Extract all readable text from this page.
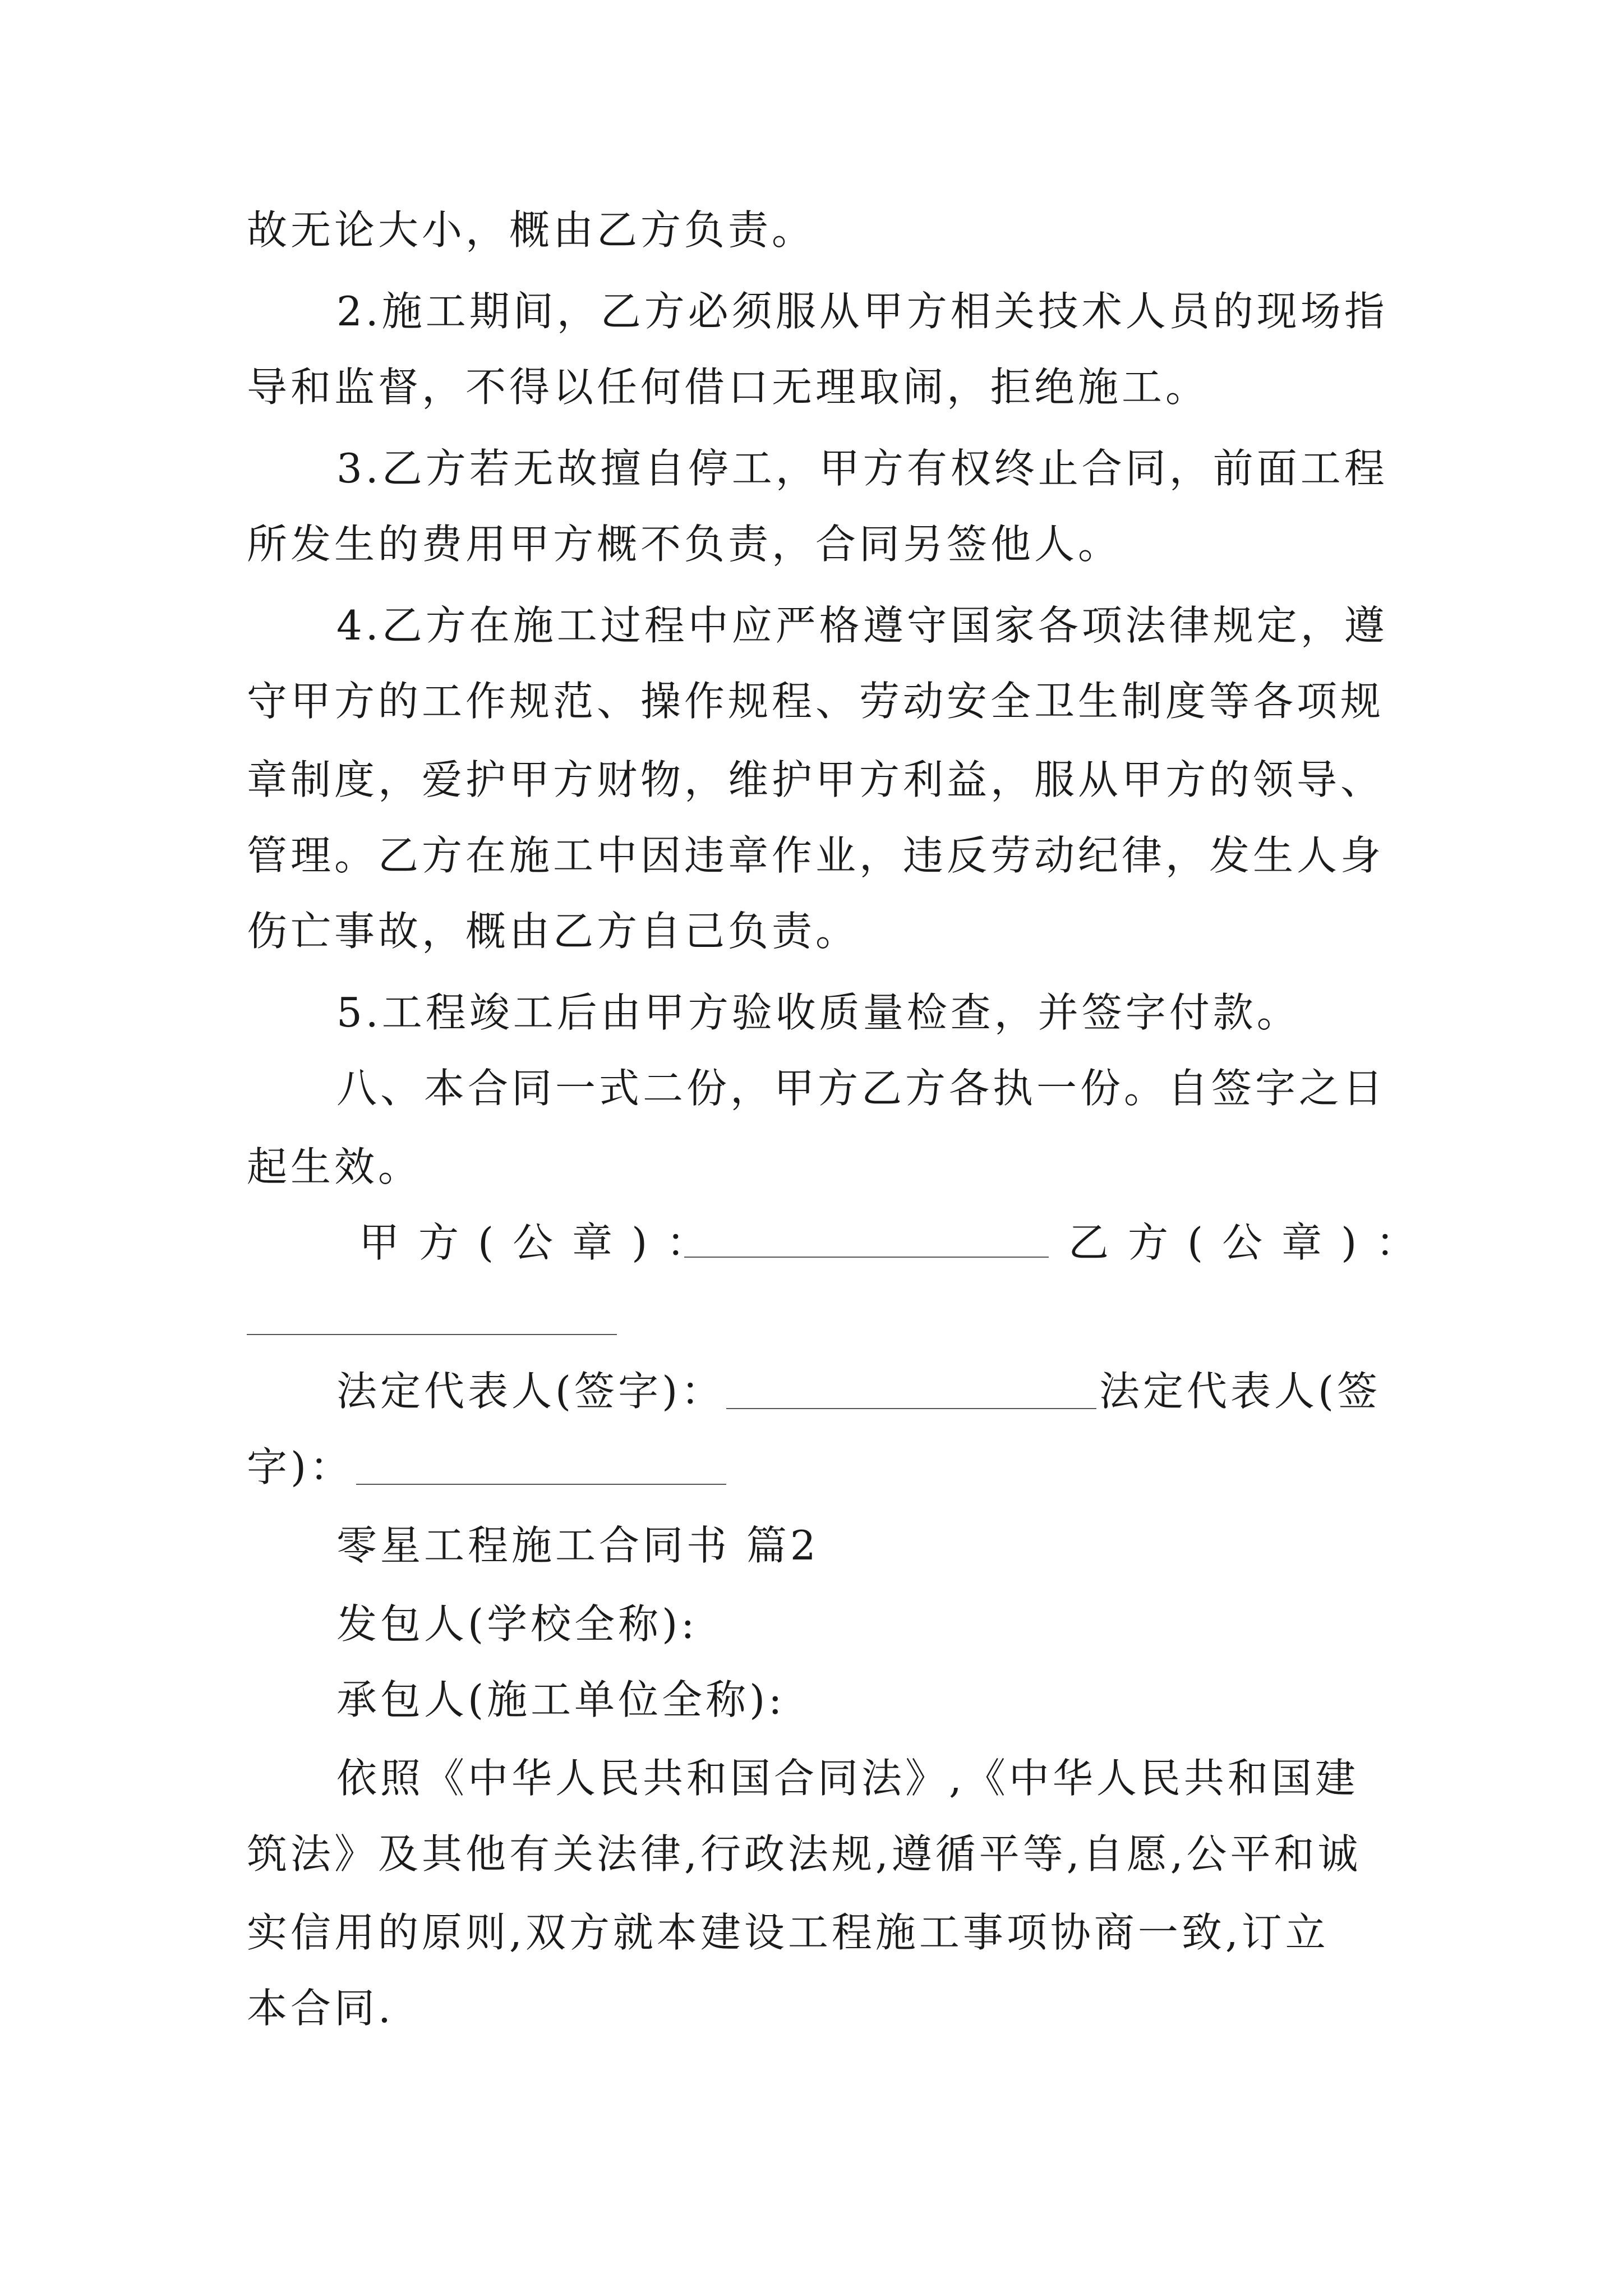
故无论大小，概由乙方负责。
2.施工期间，乙方必须服从甲方相关技术人员的现场指
导和监督，不得以任何借口无理取闹，拒绝施工。
3.乙方若无故擅自停工，甲方有权终止合同，前面工程
所发生的费用甲方概不负责，合同另签他人。
4.乙方在施工过程中应严格遵守国家各项法律规定，遵
守甲方的工作规范、操作规程、劳动安全卫生制度等各项规
章制度，爱护甲方财物，维护甲方利益，服从甲方的领导、
管理。乙方在施工中因违章作业，违反劳动纪律，发生人身
伤亡事故，概由乙方自己负责。
5.工程竣工后由甲方验收质量检查，并签字付款。
八、本合同一式二份，甲方乙方各执一份。自签字之日
起生效。
甲方(公章)：	乙方(公章)：
法定代表人(签字)：	法定代表人(签
字)：
零星工程施工合同书 篇2
发包人(学校全称):
承包人(施工单位全称):
依照《中华人民共和国合同法》,《中华人民共和国建
筑法》及其他有关法律,行政法规,遵循平等,自愿,公平和诚
实信用的原则,双方就本建设工程施工事项协商一致,订立
本合同.
